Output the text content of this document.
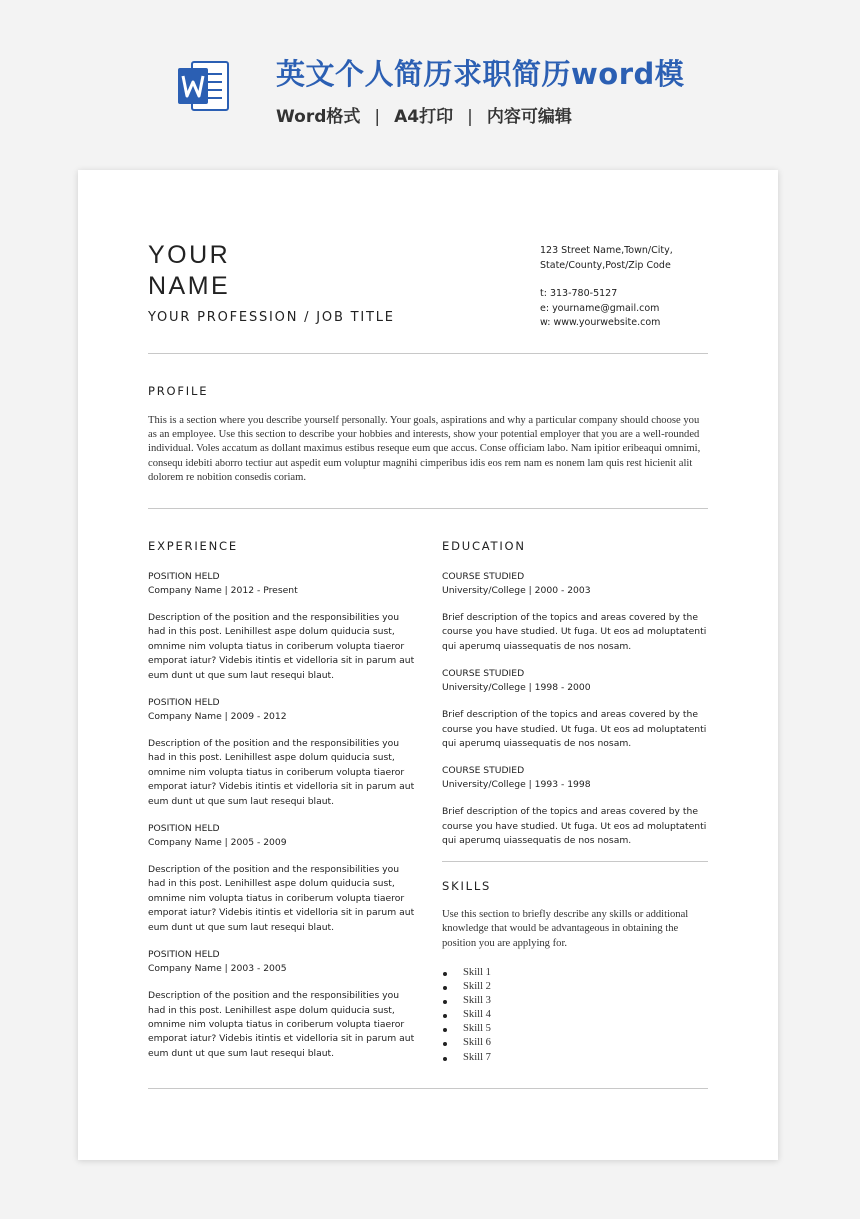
英文个人简历求职简历word模
Word格式 | A4打印 | 内容可编辑
YOUR
NAME
YOUR PROFESSION / JOB TITLE
123 Street Name,Town/City,
State/County,Post/Zip Code
t: 313-780-5127
e: yourname@gmail.com
w: www.yourwebsite.com
PROFILE
This is a section where you describe yourself personally. Your goals, aspirations and why a particular company should choose you as an employee. Use this section to describe your hobbies and interests, show your potential employer that you are a well-rounded individual. Voles accatum as dollant maximus estibus reseque eum que accus. Conse officiam labo. Nam ipitior eribeaqui omnimi, consequ idebiti aborro tectiur aut aspedit eum voluptur magnihi cimperibus idis eos rem nam es nonem lam quis rest hicienit alit dolorem re nobition consedis coriam.
EXPERIENCE	EDUCATION
POSITION HELD
Company Name | 2012 - Present
Description of the position and the responsibilities you had in this post. Lenihillest aspe dolum quiducia sust, omnime nim volupta tiatus in coriberum volupta tiaeror emporat iatur? Videbis itintis et videlloria sit in parum aut eum dunt ut que sum laut resequi blaut.
POSITION HELD
Company Name | 2009 - 2012
Description of the position and the responsibilities you had in this post. Lenihillest aspe dolum quiducia sust, omnime nim volupta tiatus in coriberum volupta tiaeror emporat iatur? Videbis itintis et videlloria sit in parum aut eum dunt ut que sum laut resequi blaut.
POSITION HELD
Company Name | 2005 - 2009
Description of the position and the responsibilities you had in this post. Lenihillest aspe dolum quiducia sust, omnime nim volupta tiatus in coriberum volupta tiaeror emporat iatur? Videbis itintis et videlloria sit in parum aut eum dunt ut que sum laut resequi blaut.
POSITION HELD
Company Name | 2003 - 2005
Description of the position and the responsibilities you had in this post. Lenihillest aspe dolum quiducia sust, omnime nim volupta tiatus in coriberum volupta tiaeror emporat iatur? Videbis itintis et videlloria sit in parum aut eum dunt ut que sum laut resequi blaut.
COURSE STUDIED
University/College | 2000 - 2003
Brief description of the topics and areas covered by the course you have studied. Ut fuga. Ut eos ad moluptatenti qui aperumq uiassequatis de nos nosam.
COURSE STUDIED
University/College | 1998 - 2000
Brief description of the topics and areas covered by the course you have studied. Ut fuga. Ut eos ad moluptatenti qui aperumq uiassequatis de nos nosam.
COURSE STUDIED
University/College | 1993 - 1998
Brief description of the topics and areas covered by the course you have studied. Ut fuga. Ut eos ad moluptatenti qui aperumq uiassequatis de nos nosam.
SKILLS
Use this section to briefly describe any skills or additional knowledge that would be advantageous in obtaining the position you are applying for.
Skill 1
Skill 2
Skill 3
Skill 4
Skill 5
Skill 6
Skill 7
